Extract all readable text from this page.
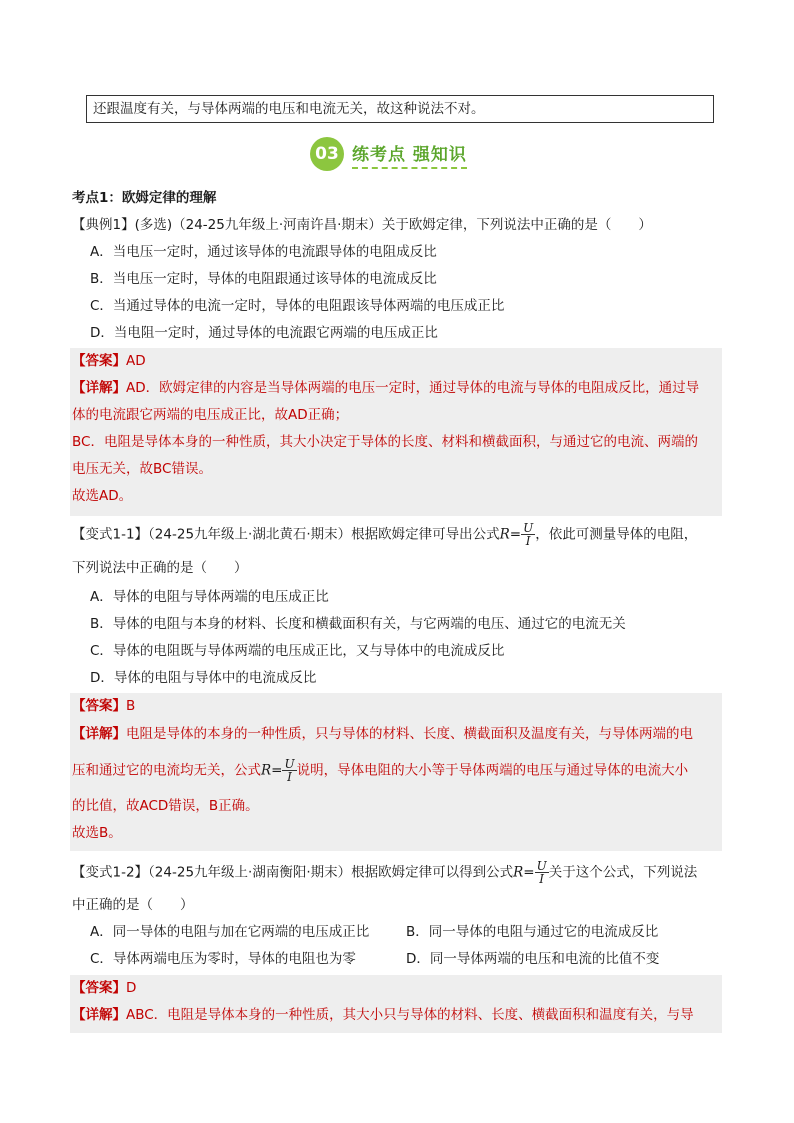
还跟温度有关，与导体两端的电压和电流无关，故这种说法不对。
03 练考点 强知识
考点1：欧姆定律的理解
【典例1】(多选)（24-25九年级上·河南许昌·期末）关于欧姆定律，下列说法中正确的是（　　）
A．当电压一定时，通过该导体的电流跟导体的电阻成反比
B．当电压一定时，导体的电阻跟通过该导体的电流成反比
C．当通过导体的电流一定时，导体的电阻跟该导体两端的电压成正比
D．当电阻一定时，通过导体的电流跟它两端的电压成正比
【答案】AD
【详解】AD．欧姆定律的内容是当导体两端的电压一定时，通过导体的电流与导体的电阻成反比，通过导
体的电流跟它两端的电压成正比，故AD正确；
BC．电阻是导体本身的一种性质，其大小决定于导体的长度、材料和横截面积，与通过它的电流、两端的
电压无关，故BC错误。
故选AD。
【变式1-1】（24-25九年级上·湖北黄石·期末）根据欧姆定律可导出公式$R= \frac{U}{I}$ ，依此可测量导体的电阻，
下列说法中正确的是（　　）
A．导体的电阻与导体两端的电压成正比
B．导体的电阻与本身的材料、长度和横截面积有关，与它两端的电压、通过它的电流无关
C．导体的电阻既与导体两端的电压成正比，又与导体中的电流成反比
D．导体的电阻与导体中的电流成反比
【答案】B
【详解】电阻是导体的本身的一种性质，只与导体的材料、长度、横截面积及温度有关，与导体两端的电
压和通过它的电流均无关，公式$R= \frac{U}{I}$ 说明，导体电阻的大小等于导体两端的电压与通过导体的电流大小
的比值，故ACD错误，B正确。
故选B。
【变式1-2】（24-25九年级上·湖南衡阳·期末）根据欧姆定律可以得到公式$R= \frac{U}{I}$ 关于这个公式，下列说法
中正确的是（　　）
A．同一导体的电阻与加在它两端的电压成正比	B．同一导体的电阻与通过它的电流成反比
C．导体两端电压为零时，导体的电阻也为零	D．同一导体两端的电压和电流的比值不变
【答案】D
【详解】ABC．电阻是导体本身的一种性质，其大小只与导体的材料、长度、横截面积和温度有关，与导
